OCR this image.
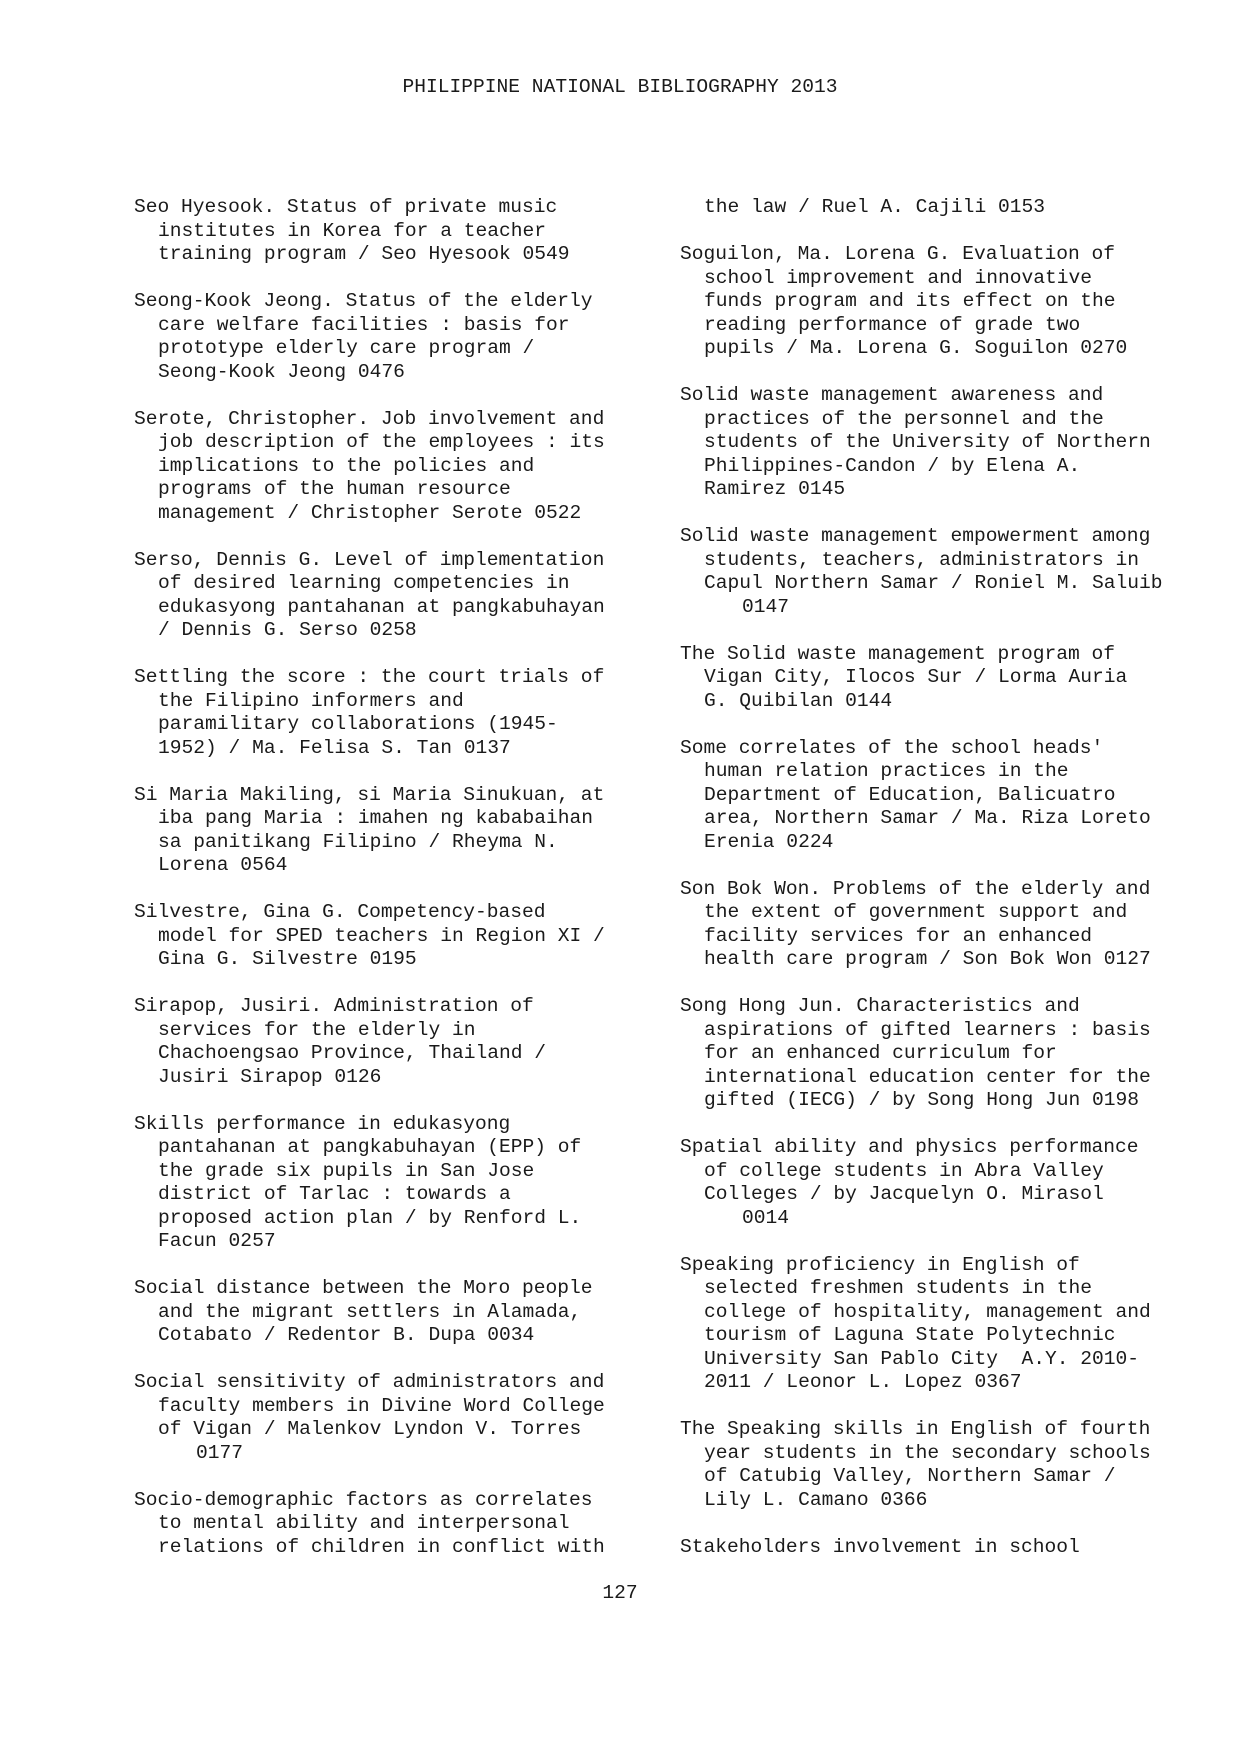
PHILIPPINE NATIONAL BIBLIOGRAPHY 2013
Seo Hyesook. Status of private music
institutes in Korea for a teacher
training program / Seo Hyesook 0549
Seong-Kook Jeong. Status of the elderly
care welfare facilities : basis for
prototype elderly care program /
Seong-Kook Jeong 0476
Serote, Christopher. Job involvement and
job description of the employees : its
implications to the policies and
programs of the human resource
management / Christopher Serote 0522
Serso, Dennis G. Level of implementation
of desired learning competencies in
edukasyong pantahanan at pangkabuhayan
/ Dennis G. Serso 0258
Settling the score : the court trials of
the Filipino informers and
paramilitary collaborations (1945-
1952) / Ma. Felisa S. Tan 0137
Si Maria Makiling, si Maria Sinukuan, at
iba pang Maria : imahen ng kababaihan
sa panitikang Filipino / Rheyma N.
Lorena 0564
Silvestre, Gina G. Competency-based
model for SPED teachers in Region XI /
Gina G. Silvestre 0195
Sirapop, Jusiri. Administration of
services for the elderly in
Chachoengsao Province, Thailand /
Jusiri Sirapop 0126
Skills performance in edukasyong
pantahanan at pangkabuhayan (EPP) of
the grade six pupils in San Jose
district of Tarlac : towards a
proposed action plan / by Renford L.
Facun 0257
Social distance between the Moro people
and the migrant settlers in Alamada,
Cotabato / Redentor B. Dupa 0034
Social sensitivity of administrators and
faculty members in Divine Word College
of Vigan / Malenkov Lyndon V. Torres
0177
Socio-demographic factors as correlates
to mental ability and interpersonal
relations of children in conflict with
the law / Ruel A. Cajili 0153
Soguilon, Ma. Lorena G. Evaluation of
school improvement and innovative
funds program and its effect on the
reading performance of grade two
pupils / Ma. Lorena G. Soguilon 0270
Solid waste management awareness and
practices of the personnel and the
students of the University of Northern
Philippines-Candon / by Elena A.
Ramirez 0145
Solid waste management empowerment among
students, teachers, administrators in
Capul Northern Samar / Roniel M. Saluib
0147
The Solid waste management program of
Vigan City, Ilocos Sur / Lorma Auria
G. Quibilan 0144
Some correlates of the school heads'
human relation practices in the
Department of Education, Balicuatro
area, Northern Samar / Ma. Riza Loreto
Erenia 0224
Son Bok Won. Problems of the elderly and
the extent of government support and
facility services for an enhanced
health care program / Son Bok Won 0127
Song Hong Jun. Characteristics and
aspirations of gifted learners : basis
for an enhanced curriculum for
international education center for the
gifted (IECG) / by Song Hong Jun 0198
Spatial ability and physics performance
of college students in Abra Valley
Colleges / by Jacquelyn O. Mirasol
0014
Speaking proficiency in English of
selected freshmen students in the
college of hospitality, management and
tourism of Laguna State Polytechnic
University San Pablo City  A.Y. 2010-
2011 / Leonor L. Lopez 0367
The Speaking skills in English of fourth
year students in the secondary schools
of Catubig Valley, Northern Samar /
Lily L. Camano 0366
Stakeholders involvement in school
127
